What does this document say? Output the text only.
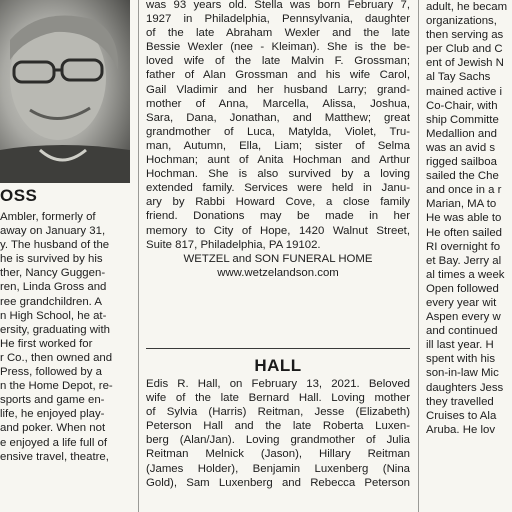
OSS
Ambler, formerly of
away on January 31,
y. The husband of the
he is survived by his
ther, Nancy Guggen-
ren, Linda Gross and
ree grandchildren. A
n High School, he at-
ersity, graduating with
He first worked for
r Co., then owned and
Press, followed by a
n the Home Depot, re-
sports and game en-
life, he enjoyed play-
and poker. When not
e enjoyed a life full of
ensive travel, theatre,
was 93 years old. Stella was born February 7,
1927 in Philadelphia, Pennsylvania, daughter
of the late Abraham Wexler and the late
Bessie Wexler (nee - Kleiman). She is the be-
loved wife of the late Malvin F. Grossman;
father of Alan Grossman and his wife Carol,
Gail Vladimir and her husband Larry; grand-
mother of Anna, Marcella, Alissa, Joshua,
Sara, Dana, Jonathan, and Matthew; great
grandmother of Luca, Matylda, Violet, Tru-
man, Autumn, Ella, Liam; sister of Selma
Hochman; aunt of Anita Hochman and Arthur
Hochman. She is also survived by a loving
extended family. Services were held in Janu-
ary by Rabbi Howard Cove, a close family
friend. Donations may be made in her
memory to City of Hope, 1420 Walnut Street,
Suite 817, Philadelphia, PA 19102.
WETZEL and SON FUNERAL HOME
www.wetzelandson.com
HALL
Edis R. Hall, on February 13, 2021. Beloved
wife of the late Bernard Hall. Loving mother
of Sylvia (Harris) Reitman, Jesse (Elizabeth)
Peterson Hall and the late Roberta Luxen-
berg (Alan/Jan). Loving grandmother of Julia
Reitman Melnick (Jason), Hillary Reitman
(James Holder), Benjamin Luxenberg (Nina
Gold), Sam Luxenberg and Rebecca Peterson
adult, he becam
organizations,
then serving as
per Club and C
ent of Jewish N
al Tay Sachs
mained active i
Co-Chair, with
ship Committe
Medallion and
was an avid s
rigged sailboa
sailed the Che
and once in a r
Marian, MA to
He was able to
He often sailed
RI overnight fo
et Bay. Jerry al
al times a week
Open followed
every year wit
Aspen every w
and continued
ill last year. H
spent with his
son-in-law Mic
daughters Jess
they travelled
Cruises to Ala
Aruba. He lov
